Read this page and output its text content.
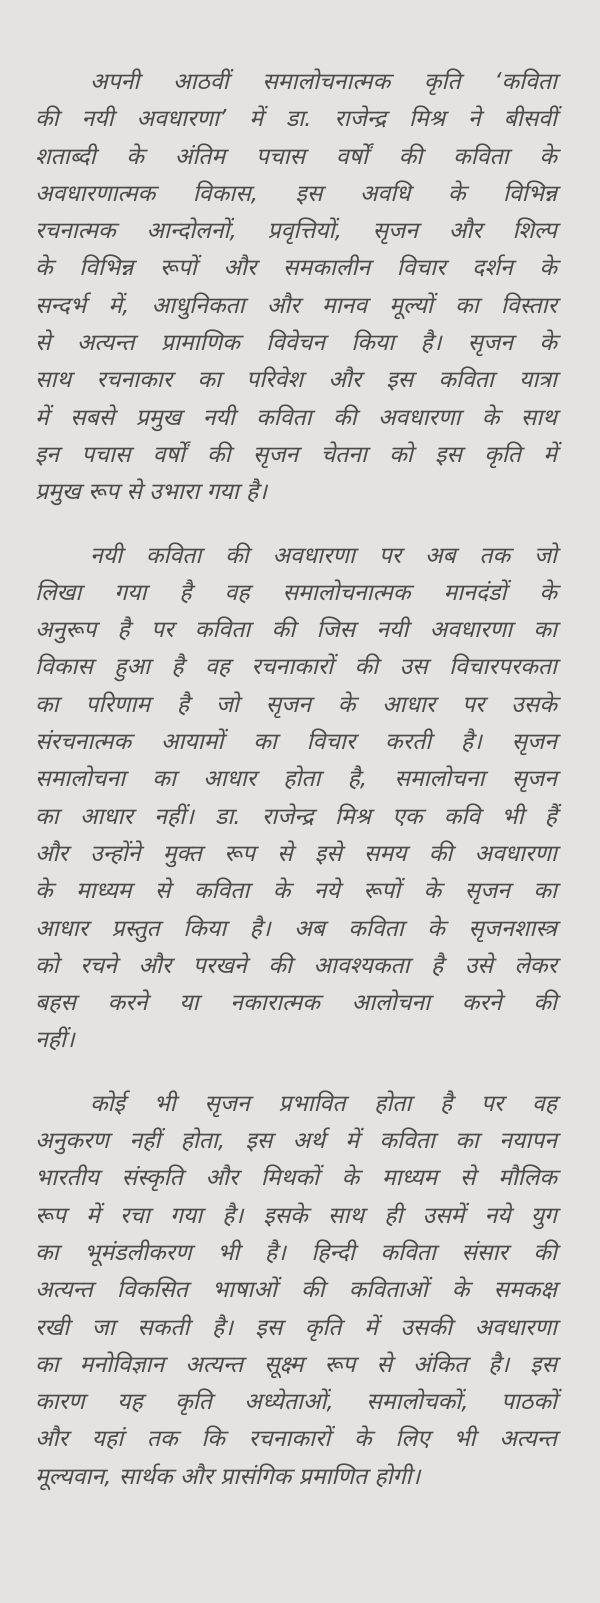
अपनी आठवीं समालोचनात्मक कृति ‘कविता
की नयी अवधारणा’ में डा. राजेन्द्र मिश्र ने बीसवीं
शताब्दी के अंतिम पचास वर्षों की कविता के
अवधारणात्मक विकास, इस अवधि के विभिन्न
रचनात्मक आन्दोलनों, प्रवृत्तियों, सृजन और शिल्प
के विभिन्न रूपों और समकालीन विचार दर्शन के
सन्दर्भ में, आधुनिकता और मानव मूल्यों का विस्तार
से अत्यन्त प्रामाणिक विवेचन किया है। सृजन के
साथ रचनाकार का परिवेश और इस कविता यात्रा
में सबसे प्रमुख नयी कविता की अवधारणा के साथ
इन पचास वर्षों की सृजन चेतना को इस कृति में
प्रमुख रूप से उभारा गया है।
नयी कविता की अवधारणा पर अब तक जो
लिखा गया है वह समालोचनात्मक मानदंडों के
अनुरूप है पर कविता की जिस नयी अवधारणा का
विकास हुआ है वह रचनाकारों की उस विचारपरकता
का परिणाम है जो सृजन के आधार पर उसके
संरचनात्मक आयामों का विचार करती है। सृजन
समालोचना का आधार होता है, समालोचना सृजन
का आधार नहीं। डा. राजेन्द्र मिश्र एक कवि भी हैं
और उन्होंने मुक्त रूप से इसे समय की अवधारणा
के माध्यम से कविता के नये रूपों के सृजन का
आधार प्रस्तुत किया है। अब कविता के सृजनशास्त्र
को रचने और परखने की आवश्यकता है उसे लेकर
बहस करने या नकारात्मक आलोचना करने की
नहीं।
कोई भी सृजन प्रभावित होता है पर वह
अनुकरण नहीं होता, इस अर्थ में कविता का नयापन
भारतीय संस्कृति और मिथकों के माध्यम से मौलिक
रूप में रचा गया है। इसके साथ ही उसमें नये युग
का भूमंडलीकरण भी है। हिन्दी कविता संसार की
अत्यन्त विकसित भाषाओं की कविताओं के समकक्ष
रखी जा सकती है। इस कृति में उसकी अवधारणा
का मनोविज्ञान अत्यन्त सूक्ष्म रूप से अंकित है। इस
कारण यह कृति अध्येताओं, समालोचकों, पाठकों
और यहां तक कि रचनाकारों के लिए भी अत्यन्त
मूल्यवान, सार्थक और प्रासंगिक प्रमाणित होगी।
